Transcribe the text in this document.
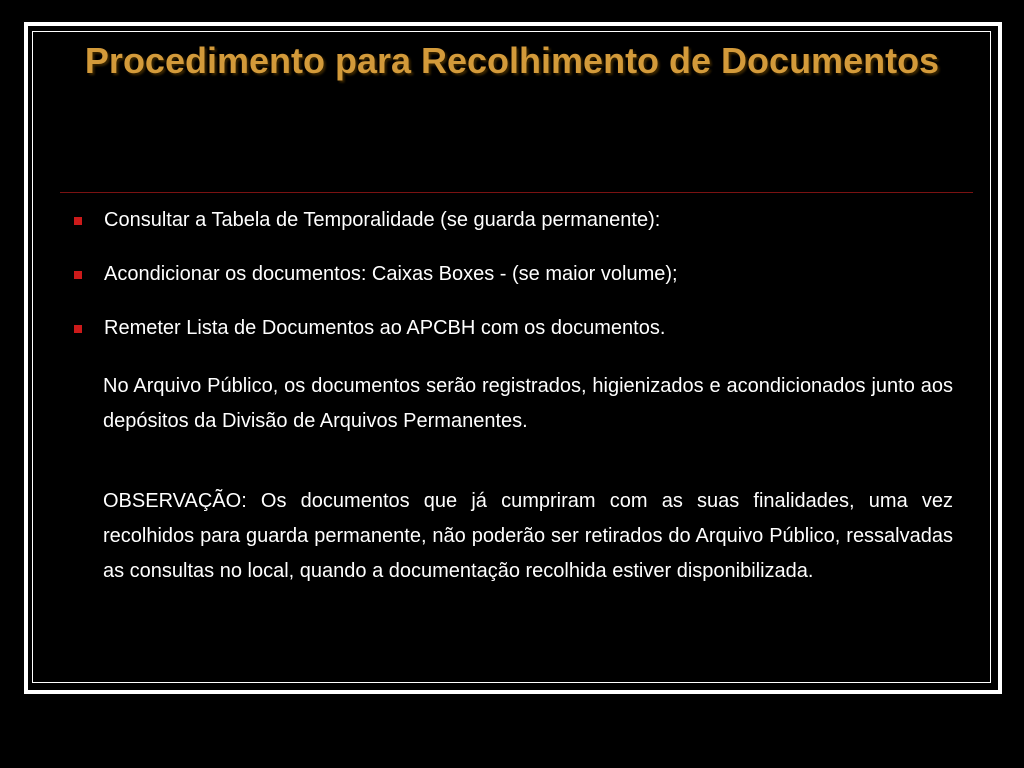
Procedimento para Recolhimento de Documentos
Consultar a Tabela de Temporalidade (se guarda permanente):
Acondicionar os documentos: Caixas Boxes - (se maior volume);
Remeter Lista de Documentos ao APCBH com os documentos.

No Arquivo Público, os documentos serão registrados, higienizados e acondicionados junto aos depósitos da Divisão de Arquivos Permanentes.

OBSERVAÇÃO: Os documentos que já cumpriram com as suas finalidades, uma vez recolhidos para guarda permanente, não poderão ser retirados do Arquivo Público, ressalvadas as consultas no local, quando a documentação recolhida estiver disponibilizada.
